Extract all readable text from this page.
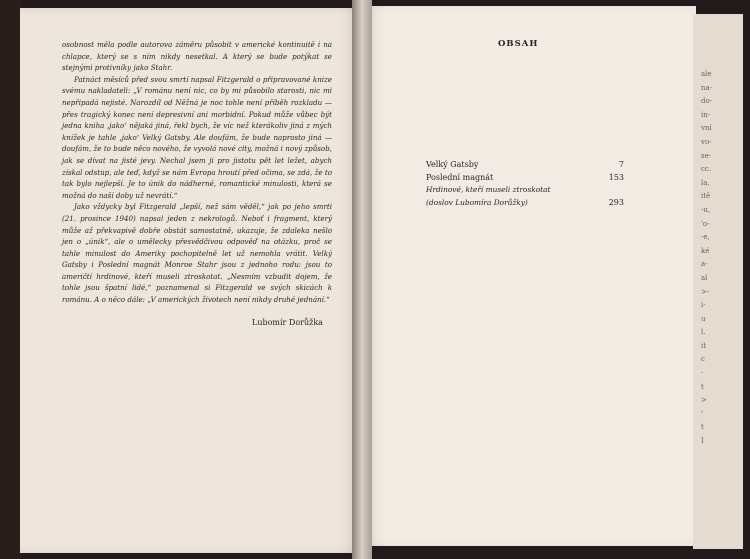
ale
na-
do-
in-
vní
vo-
se-
cc.
la,
itě
-u,
'o-
-e,
ké
a-
al
>-
i-
u
l.
it
c
-
t
>
'
t
I

osobnost měla podle autorova záměru působit v americké kontinuitě i na chlapce, který se s ním nikdy nesetkal. A který se bude potýkat se stejnými protivníky jako Stahr.

Patnáct měsíců před svou smrtí napsal Fitzgerald o připravované knize svému nakladateli: „V románu není nic, co by mi působilo starosti, nic mi nepřipadá nejisté. Narozdíl od Něžná je noc tohle není příběh rozkladu — přes tragický konec není depresivní ani morbidní. Pokud může vůbec být jedna kniha ‚jako‘ nějaká jiná, řekl bych, že víc než kterákoliv jiná z mých knížek je tahle ‚jako‘ Velký Gatsby. Ale doufám, že bude naprosto jiná — doufám, že to bude něco nového, že vyvolá nové city, možná i nový způsob, jak se dívat na jisté jevy. Nechal jsem ji pro jistotu pět let ležet, abych získal odstup, ale teď, když se nám Evropa hroutí před očima, se zdá, že to tak bylo nejlepší. Je to únik do nádherné, romantické minulosti, která se možná do naší doby už nevrátí.“

Jako vždycky byl Fitzgerald „lepší, než sám věděl,“ jak po jeho smrti (21. prosince 1940) napsal jeden z nekrologů. Neboť i fragment, který může až překvapivě dobře obstát samostatně, ukazuje, že zdaleka nešlo jen o „únik“, ale o umělecky přesvědčivou odpověď na otázku, proč se tahle minulost do Ameriky pochopitelně let už nemohla vrátit. Velký Gatsby i Poslední magnát Monroe Stahr jsou z jednoho rodu: jsou to američtí hrdinové, kteří museli ztroskotat. „Nesmím vzbudit dojem, že tohle jsou špatní lidé,“ poznamenal si Fitzgerald ve svých skicách k románu. A o něco dále: „V amerických životech není nikdy druhé jednání.“

Lubomír Dorůžka
OBSAH
Velký Gatsby	7
Poslední magnát	153
Hrdinové, kteří museli ztroskotat
(doslov Lubomíra Dorůžky)	293
